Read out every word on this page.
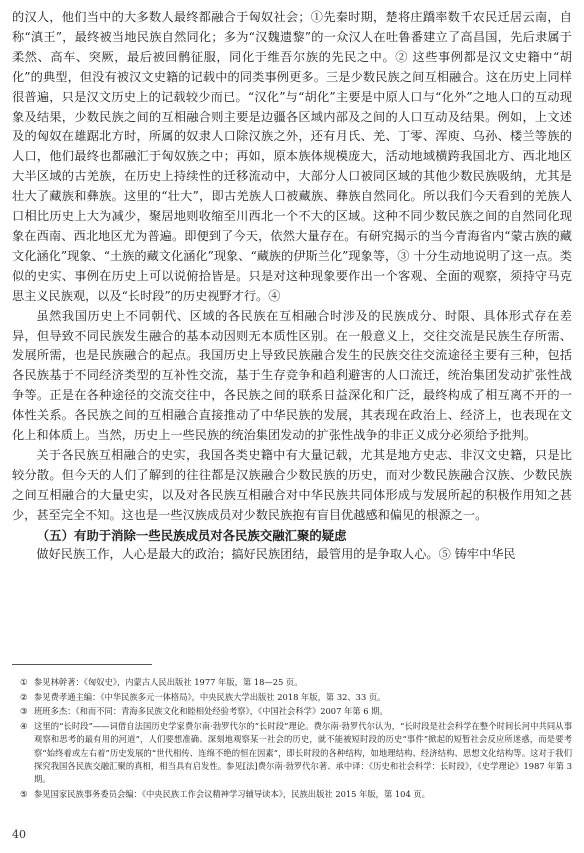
的汉人，他们当中的大多数人最终都融合于匈奴社会；①先秦时期，楚将庄蹻率数千农民迁居云南，自称“滇王”，最终被当地民族自然同化；多为“汉魏遗黎”的一众汉人在吐鲁番建立了高昌国，先后隶属于柔然、高车、突厥，最后被回鹘征服，同化于维吾尔族的先民之中。② 这些事例都是汉文史籍中“胡化”的典型，但没有被汉文史籍的记载中的同类事例更多。三是少数民族之间互相融合。这在历史上同样很普遍，只是汉文历史上的记载较少而已。“汉化”与“胡化”主要是中原人口与“化外”之地人口的互动现象及结果，少数民族之间的互相融合则主要是边疆各区域内部及之间的人口互动及结果。例如，上文述及的匈奴在雄踞北方时，所属的奴隶人口除汉族之外，还有月氏、羌、丁零、浑庾、乌孙、楼兰等族的人口，他们最终也都融汇于匈奴族之中；再如，原本族体规模庞大，活动地域横跨我国北方、西北地区大半区域的古羌族，在历史上持续性的迁移流动中，大部分人口被同区域的其他少数民族吸纳，尤其是壮大了藏族和彝族。这里的“壮大”，即古羌族人口被藏族、彝族自然同化。所以我们今天看到的羌族人口相比历史上大为减少，聚居地则收缩至川西北一个不大的区域。这种不同少数民族之间的自然同化现象在西南、西北地区尤为普遍。即便到了今天，依然大量存在。有研究揭示的当今青海省内“蒙古族的藏文化涵化”现象、“土族的藏文化涵化”现象、“藏族的伊斯兰化”现象等，③ 十分生动地说明了这一点。类似的史实、事例在历史上可以说俯拾皆是。只是对这种现象要作出一个客观、全面的观察，须持守马克思主义民族观，以及“长时段”的历史视野才行。④

虽然我国历史上不同朝代、区域的各民族在互相融合时涉及的民族成分、时限、具体形式存在差异，但导致不同民族发生融合的基本动因则无本质性区别。在一般意义上，交往交流是民族生存所需、发展所需，也是民族融合的起点。我国历史上导致民族融合发生的民族交往交流途径主要有三种，包括各民族基于不同经济类型的互补性交流，基于生存竞争和趋利避害的人口流迁，统治集团发动扩张性战争等。正是在各种途径的交流交往中，各民族之间的联系日益深化和广泛，最终构成了相互离不开的一体性关系。各民族之间的互相融合直接推动了中华民族的发展，其表现在政治上、经济上，也表现在文化上和体质上。当然，历史上一些民族的统治集团发动的扩张性战争的非正义成分必须给予批判。

关于各民族互相融合的史实，我国各类史籍中有大量记载，尤其是地方史志、非汉文史籍，只是比较分散。但今天的人们了解到的往往都是汉族融合少数民族的历史，而对少数民族融合汉族、少数民族之间互相融合的大量史实，以及对各民族互相融合对中华民族共同体形成与发展所起的积极作用知之甚少，甚至完全不知。这也是一些汉族成员对少数民族抱有盲目优越感和偏见的根源之一。

（五）有助于消除一些民族成员对各民族交融汇聚的疑虑

做好民族工作，人心是最大的政治；搞好民族团结，最管用的是争取人心。⑤ 铸牢中华民

① 参见林幹著：《匈奴史》，内蒙古人民出版社 1977 年版，第 18—25 页。
② 参见费孝通主编：《中华民族多元一体格局》，中央民族大学出版社 2018 年版，第 32、33 页。
③ 班班多杰：《和而不同：青海多民族文化和睦相处经验考察》，《中国社会科学》2007 年第 6 期。
④ 这里的“长时段”——词借自法国历史学家费尔南·勃罗代尔的“长时段”理论。费尔南·勃罗代尔认为，“长时段是社会科学在整个时间长河中共同从事观察和思考的最有用的河道”，人们要想准确、深刻地观察某一社会的历史，就不能被短时段的历史“事件”掀起的短暂社会反应所迷惑，而是要考察“始终着或左右着”历史发展的“世代相传、连绵不绝的恒在因素”，即长时段的各种结构，如地理结构、经济结构、思想文化结构等。这对于我们探究我国各民族交融汇聚的真相，相当具有启发性。参见[法]费尔南·勃罗代尔著、承中译：《历史和社会科学：长时段》，《史学理论》1987 年第 3 期。
⑤ 参见国家民族事务委员会编：《中央民族工作会议精神学习辅导读本》，民族出版社 2015 年版，第 104 页。
40
